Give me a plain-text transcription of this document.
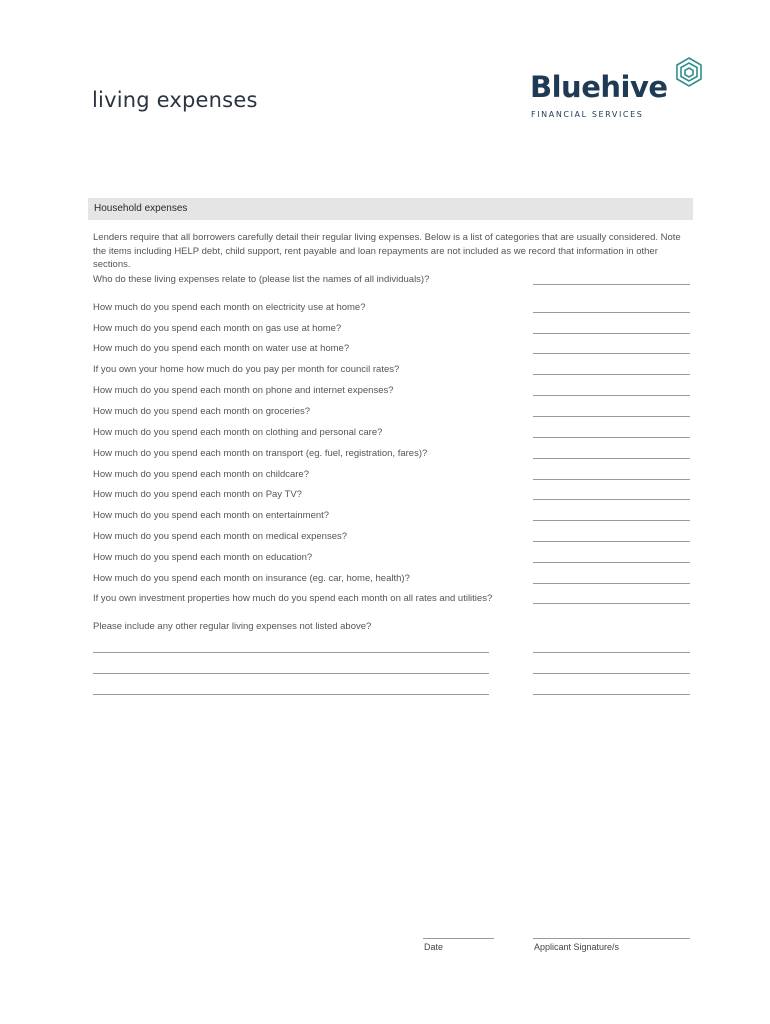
living expenses	Bluehive
FINANCIAL SERVICES
Household expenses
Lenders require that all borrowers carefully detail their regular living expenses. Below is a list of categories that are usually considered. Note the items including HELP debt, child support, rent payable and loan repayments are not included as we record that information in other sections.
Who do these living expenses relate to (please list the names of all individuals)?
How much do you spend each month on electricity use at home?
How much do you spend each month on gas use at home?
How much do you spend each month on water use at home?
If you own your home how much do you pay per month for council rates?
How much do you spend each month on phone and internet expenses?
How much do you spend each month on groceries?
How much do you spend each month on clothing and personal care?
How much do you spend each month on transport (eg. fuel, registration, fares)?
How much do you spend each month on childcare?
How much do you spend each month on Pay TV?
How much do you spend each month on entertainment?
How much do you spend each month on medical expenses?
How much do you spend each month on education?
How much do you spend each month on insurance (eg. car, home, health)?
If you own investment properties how much do you spend each month on all rates and utilities?
Please include any other regular living expenses not listed above?
Date	Applicant Signature/s
